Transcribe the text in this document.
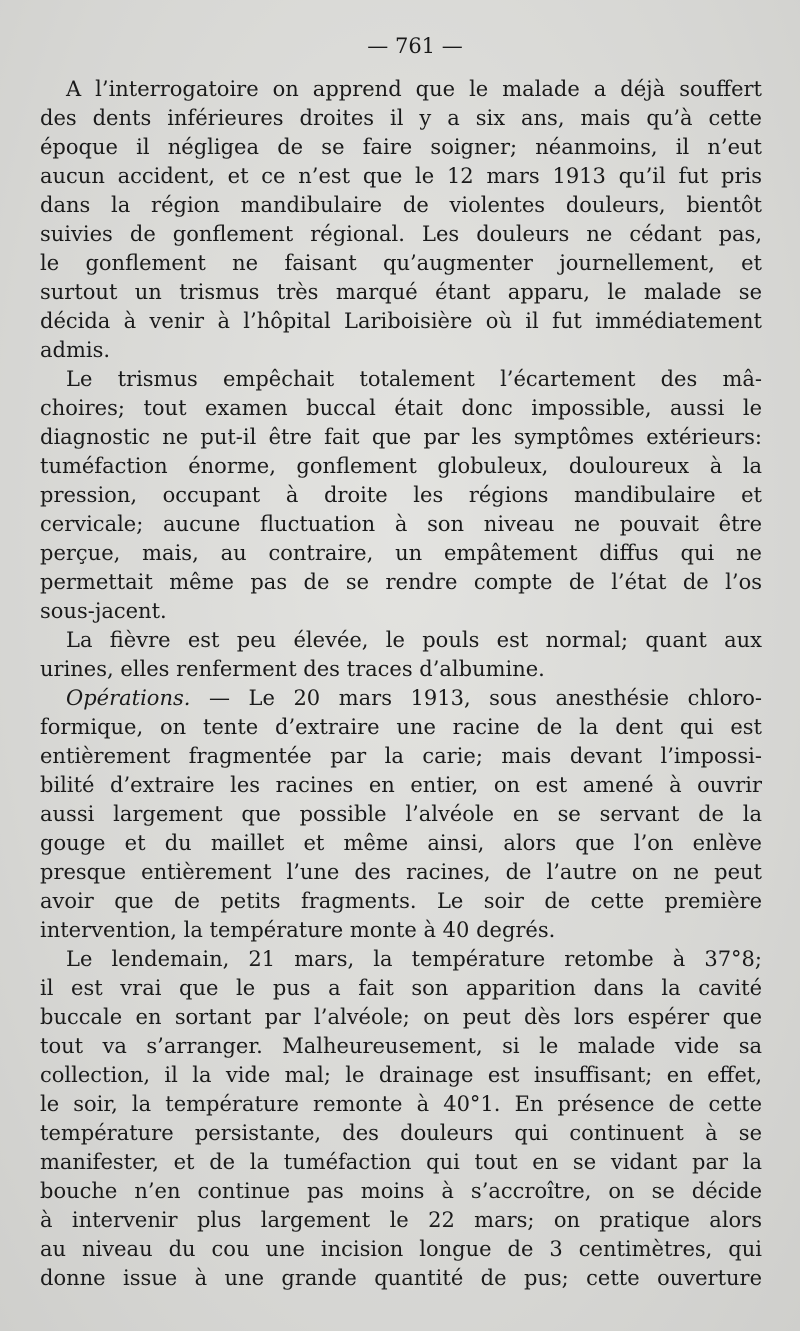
— 761 —
A l’interrogatoire on apprend que le malade a déjà souffert
des dents inférieures droites il y a six ans, mais qu’à cette
époque il négligea de se faire soigner; néanmoins, il n’eut
aucun accident, et ce n’est que le 12 mars 1913 qu’il fut pris
dans la région mandibulaire de violentes douleurs, bientôt
suivies de gonflement régional. Les douleurs ne cédant pas,
le gonflement ne faisant qu’augmenter journellement, et
surtout un trismus très marqué étant apparu, le malade se
décida à venir à l’hôpital Lariboisière où il fut immédiatement
admis.
Le trismus empêchait totalement l’écartement des mâ-
choires; tout examen buccal était donc impossible, aussi le
diagnostic ne put-il être fait que par les symptômes extérieurs:
tuméfaction énorme, gonflement globuleux, douloureux à la
pression, occupant à droite les régions mandibulaire et
cervicale; aucune fluctuation à son niveau ne pouvait être
perçue, mais, au contraire, un empâtement diffus qui ne
permettait même pas de se rendre compte de l’état de l’os
sous-jacent.
La fièvre est peu élevée, le pouls est normal; quant aux
urines, elles renferment des traces d’albumine.
Opérations. — Le 20 mars 1913, sous anesthésie chloro-
formique, on tente d’extraire une racine de la dent qui est
entièrement fragmentée par la carie; mais devant l’impossi-
bilité d’extraire les racines en entier, on est amené à ouvrir
aussi largement que possible l’alvéole en se servant de la
gouge et du maillet et même ainsi, alors que l’on enlève
presque entièrement l’une des racines, de l’autre on ne peut
avoir que de petits fragments. Le soir de cette première
intervention, la température monte à 40 degrés.
Le lendemain, 21 mars, la température retombe à 37°8;
il est vrai que le pus a fait son apparition dans la cavité
buccale en sortant par l’alvéole; on peut dès lors espérer que
tout va s’arranger. Malheureusement, si le malade vide sa
collection, il la vide mal; le drainage est insuffisant; en effet,
le soir, la température remonte à 40°1. En présence de cette
température persistante, des douleurs qui continuent à se
manifester, et de la tuméfaction qui tout en se vidant par la
bouche n’en continue pas moins à s’accroître, on se décide
à intervenir plus largement le 22 mars; on pratique alors
au niveau du cou une incision longue de 3 centimètres, qui
donne issue à une grande quantité de pus; cette ouverture
